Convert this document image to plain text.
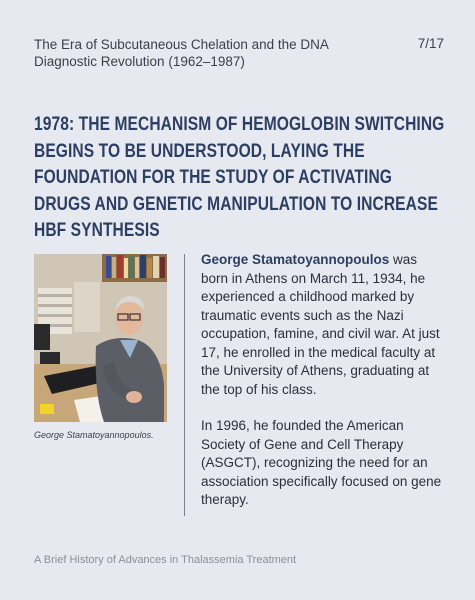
The Era of Subcutaneous Chelation and the DNA Diagnostic Revolution (1962–1987)
7/17
1978: THE MECHANISM OF HEMOGLOBIN SWITCHING BEGINS TO BE UNDERSTOOD, LAYING THE FOUNDATION FOR THE STUDY OF ACTIVATING DRUGS AND GENETIC MANIPULATION TO INCREASE HBF SYNTHESIS
George Stamatoyannopoulos.

George Stamatoyannopoulos was born in Athens on March 11, 1934, he experienced a childhood marked by traumatic events such as the Nazi occupation, famine, and civil war. At just 17, he enrolled in the medical faculty at the University of Athens, graduating at the top of his class.

In 1996, he founded the American Society of Gene and Cell Therapy (ASGCT), recognizing the need for an association specifically focused on gene therapy.

A Brief History of Advances in Thalassemia Treatment
